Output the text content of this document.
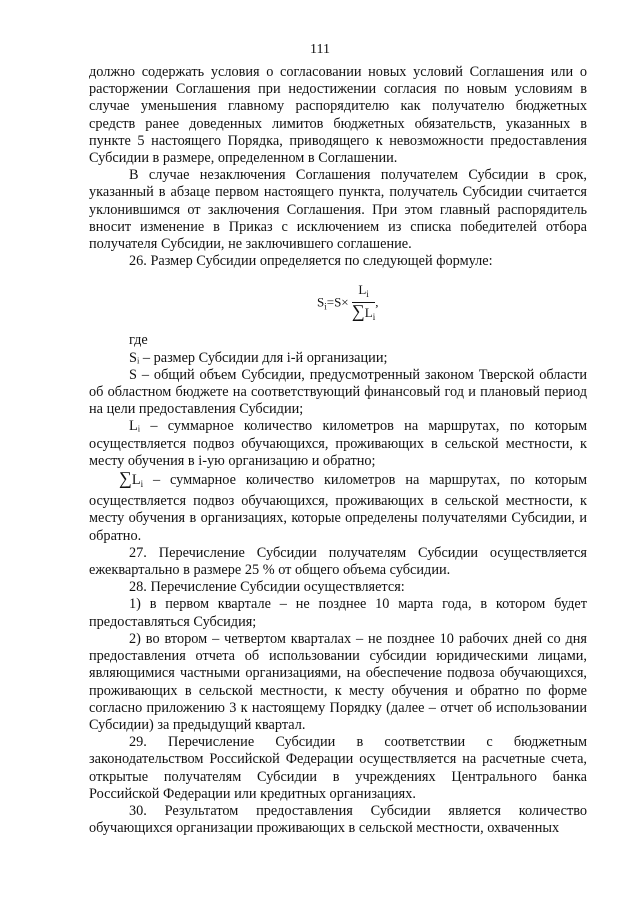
111

должно содержать условия о согласовании новых условий Соглашения или о расторжении Соглашения при недостижении согласия по новым условиям в случае уменьшения главному распорядителю как получателю бюджетных средств ранее доведенных лимитов бюджетных обязательств, указанных в пункте 5 настоящего Порядка, приводящего к невозможности предоставления Субсидии в размере, определенном в Соглашении.

В случае незаключения Соглашения получателем Субсидии в срок, указанный в абзаце первом настоящего пункта, получатель Субсидии считается уклонившимся от заключения Соглашения. При этом главный распорядитель вносит изменение в Приказ с исключением из списка победителей отбора получателя Субсидии, не заключившего соглашение.

26. Размер Субсидии определяется по следующей формуле:

$S_i=S\times \frac{L_i}{\sum L_i}$ ,

где

Sᵢ – размер Субсидии для i-й организации;

S – общий объем Субсидии, предусмотренный законом Тверской области об областном бюджете на соответствующий финансовый год и плановый период на цели предоставления Субсидии;

Lᵢ – суммарное количество километров на маршрутах, по которым осуществляется подвоз обучающихся, проживающих в сельской местности, к месту обучения в i-ую организацию и обратно;

$\sum L_i$ – суммарное количество километров на маршрутах, по которым осуществляется подвоз обучающихся, проживающих в сельской местности, к месту обучения в организациях, которые определены получателями Субсидии, и обратно.

27. Перечисление Субсидии получателям Субсидии осуществляется ежеквартально в размере 25 % от общего объема субсидии.

28. Перечисление Субсидии осуществляется:

1) в первом квартале – не позднее 10 марта года, в котором будет предоставляться Субсидия;

2) во втором – четвертом кварталах – не позднее 10 рабочих дней со дня предоставления отчета об использовании субсидии юридическими лицами, являющимися частными организациями, на обеспечение подвоза обучающихся, проживающих в сельской местности, к месту обучения и обратно по форме согласно приложению 3 к настоящему Порядку (далее – отчет об использовании Субсидии) за предыдущий квартал.

29. Перечисление Субсидии в соответствии с бюджетным законодательством Российской Федерации осуществляется на расчетные счета, открытые получателям Субсидии в учреждениях Центрального банка Российской Федерации или кредитных организациях.

30. Результатом предоставления Субсидии является количество обучающихся организации проживающих в сельской местности, охваченных
